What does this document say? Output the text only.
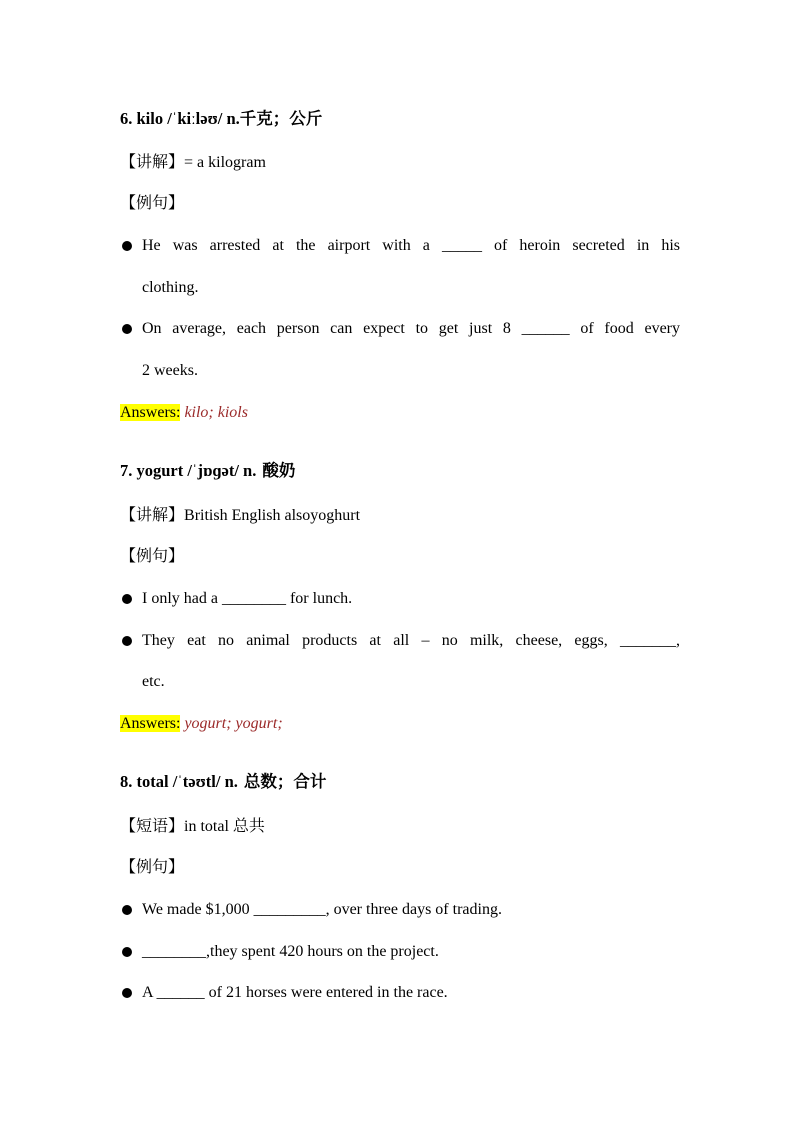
6. kilo /ˈkiːləʊ/ n.千克；公斤
【讲解】= a kilogram
【例句】
He was arrested at the airport with a _____ of heroin secreted in his
clothing.
On average, each person can expect to get just 8 ______ of food every
2 weeks.
Answers: kilo; kiols
7. yogurt /ˈjɒɡət/ n. 酸奶
【讲解】British English alsoyoghurt
【例句】
I only had a ________ for lunch.
They eat no animal products at all – no milk, cheese, eggs, _______,
etc.
Answers: yogurt; yogurt;
8. total /ˈtəʊtl/ n. 总数；合计
【短语】in total 总共
【例句】
We made $1,000 _________, over three days of trading.
________,they spent 420 hours on the project.
A ______ of 21 horses were entered in the race.
